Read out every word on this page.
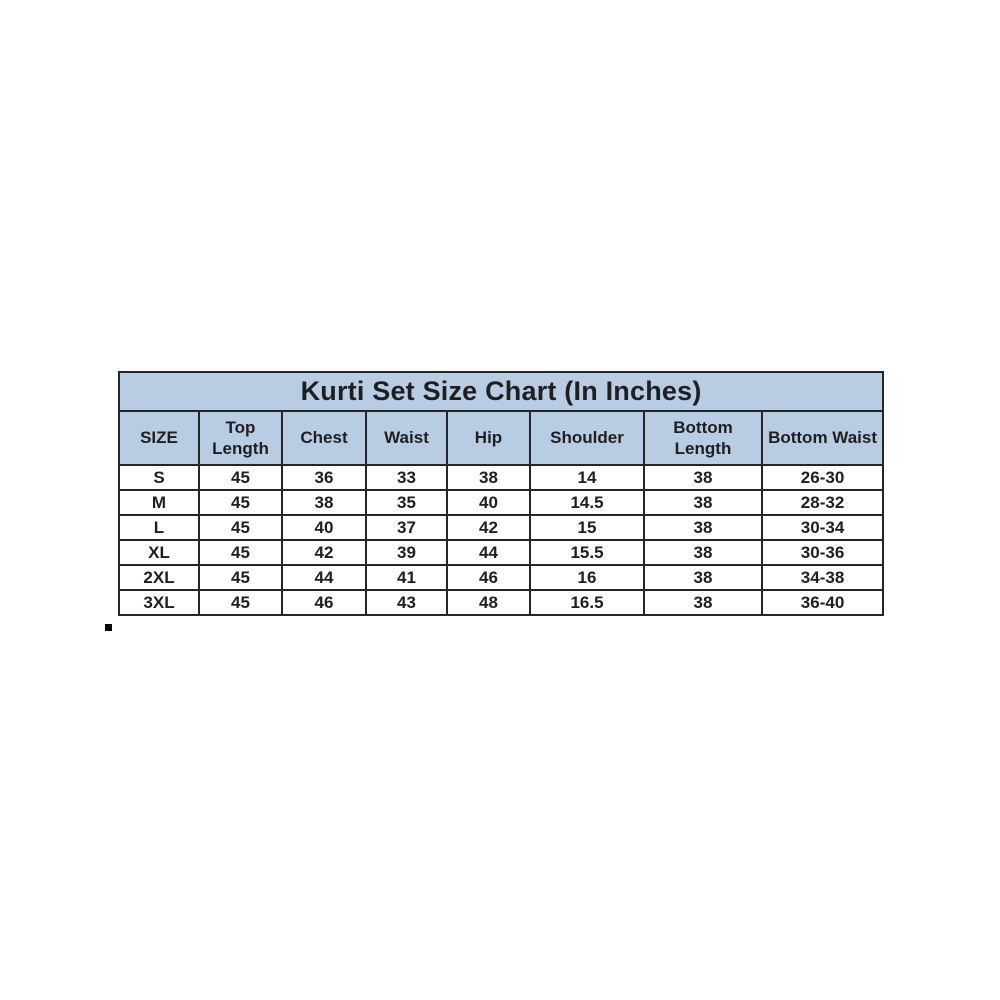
Kurti Set Size Chart (In Inches)							
SIZE	Top Length	Chest	Waist	Hip	Shoulder	Bottom Length	Bottom Waist
S	45	36	33	38	14	38	26-30
M	45	38	35	40	14.5	38	28-32
L	45	40	37	42	15	38	30-34
XL	45	42	39	44	15.5	38	30-36
2XL	45	44	41	46	16	38	34-38
3XL	45	46	43	48	16.5	38	36-40
